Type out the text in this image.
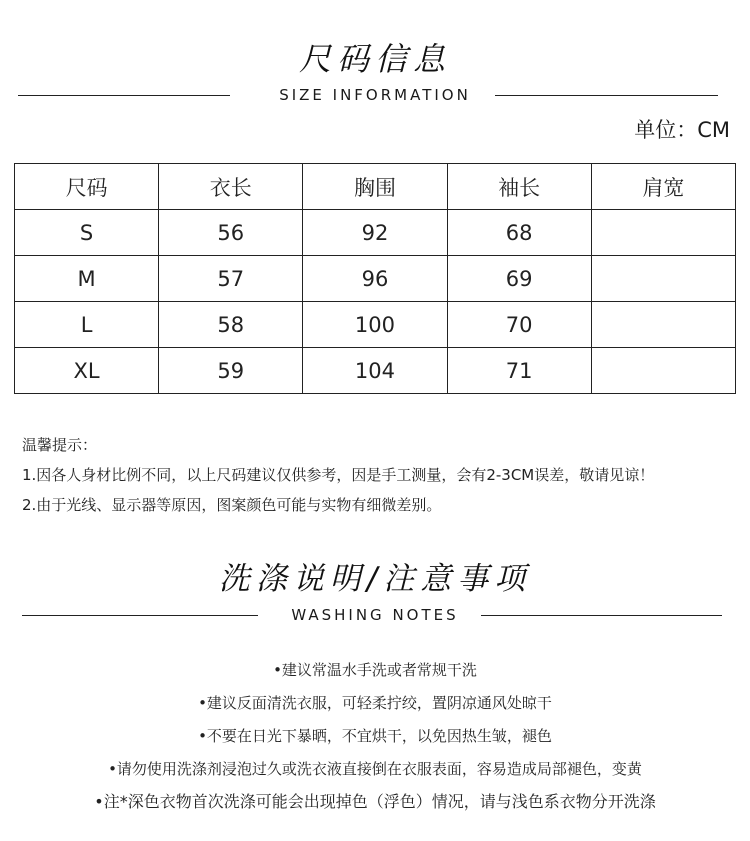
尺码信息
SIZE INFORMATION
单位：CM
尺码	衣长	胸围	袖长	肩宽
S	56	92	68	
M	57	96	69	
L	58	100	70	
XL	59	104	71	
温馨提示：
1.因各人身材比例不同，以上尺码建议仅供参考，因是手工测量，会有2-3CM误差，敬请见谅！
2.由于光线、显示器等原因，图案颜色可能与实物有细微差别。
洗涤说明/注意事项
WASHING NOTES
•建议常温水手洗或者常规干洗
•建议反面清洗衣服，可轻柔拧绞，置阴凉通风处晾干
•不要在日光下暴晒，不宜烘干，以免因热生皱，褪色
•请勿使用洗涤剂浸泡过久或洗衣液直接倒在衣服表面，容易造成局部褪色，变黄
•注*深色衣物首次洗涤可能会出现掉色（浮色）情况，请与浅色系衣物分开洗涤
